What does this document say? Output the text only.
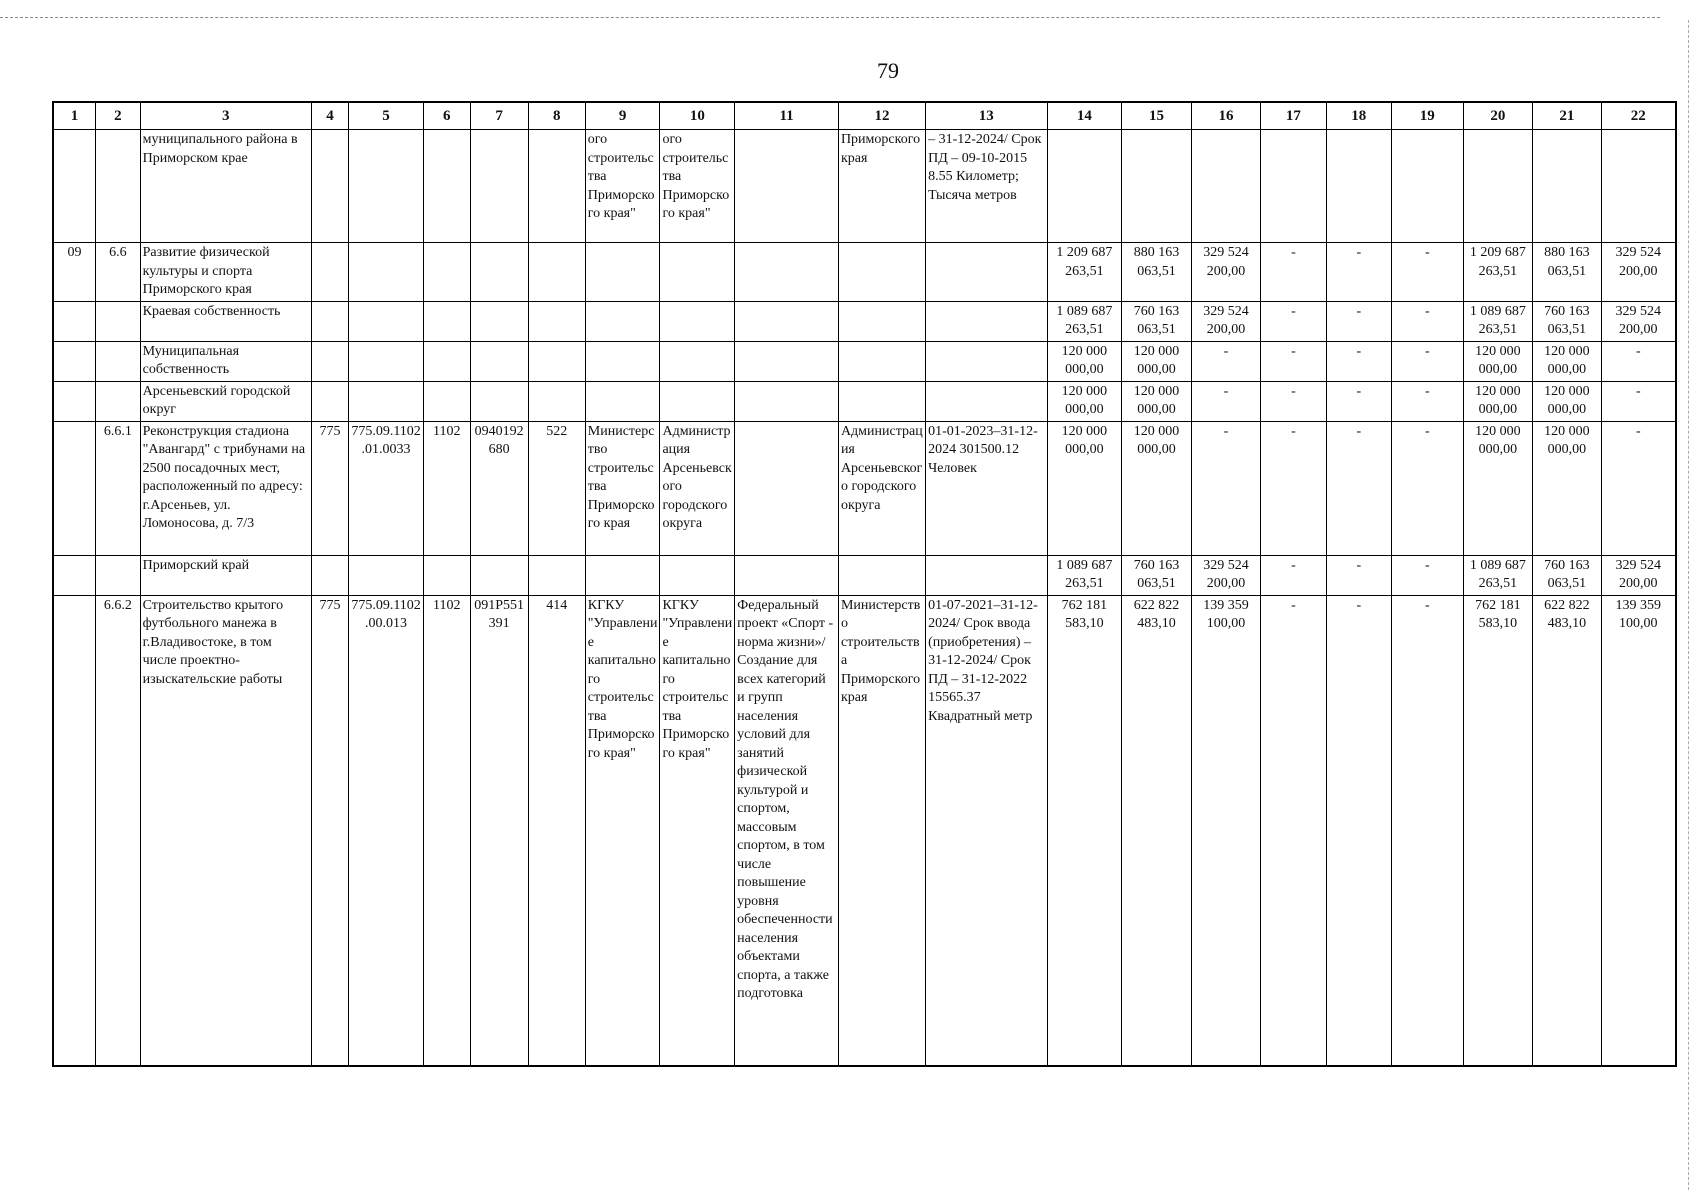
79
1	2	3	4	5	6	7	8	9	10	11	12	13	14	15	16	17	18	19	20	21	22
		муниципального района в Приморском крае						ого строительства Приморского края"	ого строительства Приморского края"		Приморского края	– 31-12-2024/ Срок ПД – 09-10-2015 8.55 Километр; Тысяча метров									
09	6.6	Развитие физической культуры и спорта Приморского края											1 209 687 263,51	880 163 063,51	329 524 200,00	-	-	-	1 209 687 263,51	880 163 063,51	329 524 200,00
		Краевая собственность											1 089 687 263,51	760 163 063,51	329 524 200,00	-	-	-	1 089 687 263,51	760 163 063,51	329 524 200,00
		Муниципальная собственность											120 000 000,00	120 000 000,00	-	-	-	-	120 000 000,00	120 000 000,00	-
		Арсеньевский городской округ											120 000 000,00	120 000 000,00	-	-	-	-	120 000 000,00	120 000 000,00	-
	6.6.1	Реконструкция стадиона "Авангард" с трибунами на 2500 посадочных мест, расположенный по адресу: г.Арсеньев, ул. Ломоносова, д. 7/3	775	775.09.1102.01.0033	1102	0940192680	522	Министерство строительства Приморского края	Администрация Арсеньевского городского округа		Администрация Арсеньевского городского округа	01-01-2023–31-12-2024 301500.12 Человек	120 000 000,00	120 000 000,00	-	-	-	-	120 000 000,00	120 000 000,00	-
		Приморский край											1 089 687 263,51	760 163 063,51	329 524 200,00	-	-	-	1 089 687 263,51	760 163 063,51	329 524 200,00
	6.6.2	Строительство крытого футбольного манежа в г.Владивостоке, в том числе проектно-изыскательские работы	775	775.09.1102.00.013	1102	091P551391	414	КГКУ "Управление капитального строительства Приморского края"	КГКУ "Управление капитального строительства Приморского края"	Федеральный проект «Спорт - норма жизни»/Создание для всех категорий и групп населения условий для занятий физической культурой и спортом, массовым спортом, в том числе повышение уровня обеспеченности населения объектами спорта, а также подготовка	Министерство строительства Приморского края	01-07-2021–31-12-2024/ Срок ввода (приобретения) – 31-12-2024/ Срок ПД – 31-12-2022 15565.37 Квадратный метр	762 181 583,10	622 822 483,10	139 359 100,00	-	-	-	762 181 583,10	622 822 483,10	139 359 100,00
